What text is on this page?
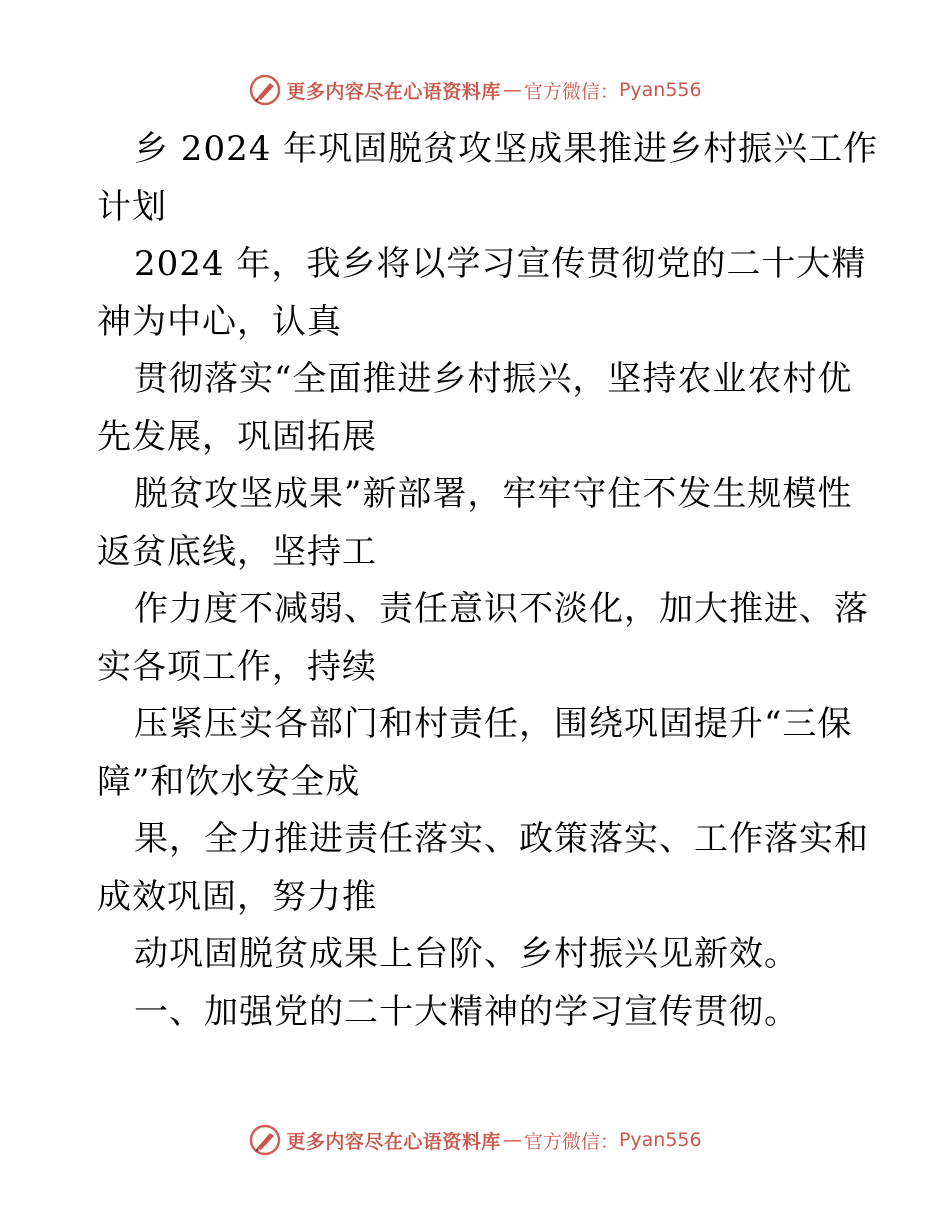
更多内容尽在心语资料库 — 官方微信： Pyan556
乡 2024 年巩固脱贫攻坚成果推进乡村振兴工作
计划
2024 年，我乡将以学习宣传贯彻党的二十大精
神为中心，认真
贯彻落实“全面推进乡村振兴，坚持农业农村优
先发展，巩固拓展
脱贫攻坚成果”新部署，牢牢守住不发生规模性
返贫底线，坚持工
作力度不减弱、责任意识不淡化，加大推进、落
实各项工作，持续
压紧压实各部门和村责任，围绕巩固提升“三保
障”和饮水安全成
果，全力推进责任落实、政策落实、工作落实和
成效巩固，努力推
动巩固脱贫成果上台阶、乡村振兴见新效。
一、加强党的二十大精神的学习宣传贯彻。
更多内容尽在心语资料库 — 官方微信： Pyan556
